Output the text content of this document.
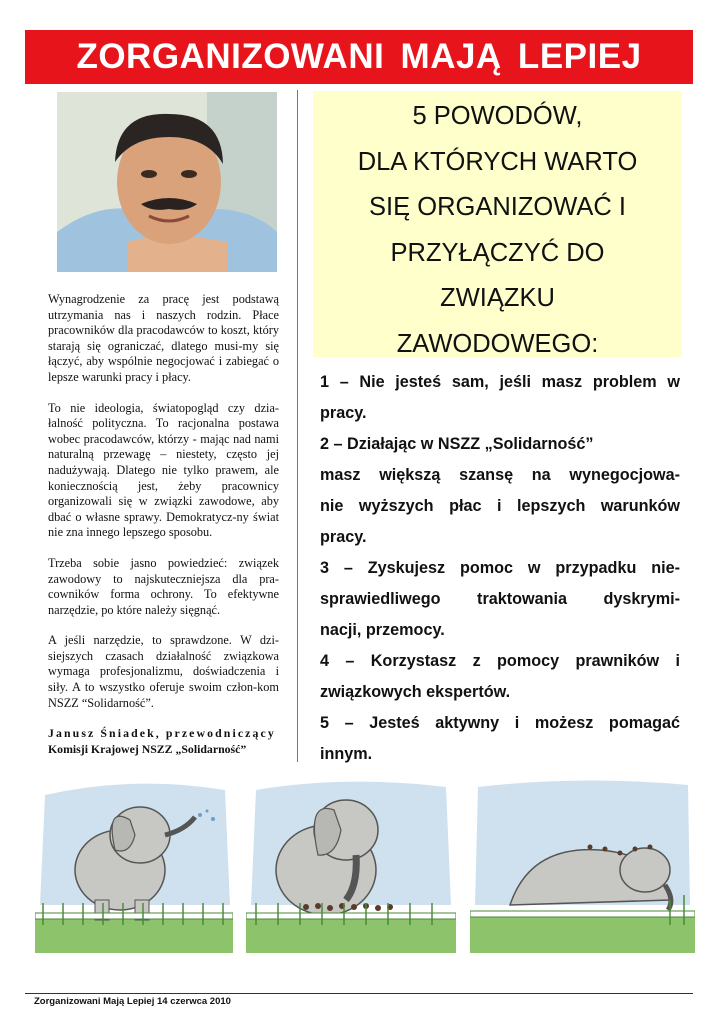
ZORGANIZOWANI MAJĄ LEPIEJ

Wynagrodzenie za pracę jest podstawą utrzymania nas i naszych rodzin. Płace pracowników dla pracodawców to koszt, który starają się ograniczać, dlatego musi-my się łączyć, aby wspólnie negocjować i zabiegać o lepsze warunki pracy i płacy.

To nie ideologia, światopogląd czy dzia-łalność polityczna. To racjonalna postawa wobec pracodawców, którzy - mając nad nami naturalną przewagę – niestety, często jej nadużywają. Dlatego nie tylko prawem, ale koniecznością jest, żeby pracownicy organizowali się w związki zawodowe, aby dbać o własne sprawy. Demokratycz-ny świat nie zna innego lepszego sposobu.

Trzeba sobie jasno powiedzieć: związek zawodowy to najskuteczniejsza dla pra-cowników forma ochrony. To efektywne narzędzie, po które należy sięgnąć.

A jeśli narzędzie, to sprawdzone. W dzi-siejszych czasach działalność związkowa wymaga profesjonalizmu, doświadczenia i siły. A to wszystko oferuje swoim człon-kom NSZZ “Solidarność”.

Janusz Śniadek, przewodniczący
Komisji Krajowej NSZZ „Solidarność”
5 POWODÓW,
DLA KTÓRYCH WARTO
SIĘ ORGANIZOWAĆ I
PRZYŁĄCZYĆ DO
ZWIĄZKU
ZAWODOWEGO:

1 – Nie jesteś sam, jeśli masz problem w

pracy.

2 – Działając w NSZZ „Solidarność”

masz większą szansę na wynegocjowa-

nie wyższych płac i lepszych warunków

pracy.

3 – Zyskujesz pomoc w przypadku nie-

sprawiedliwego traktowania dyskrymi-

nacji, przemocy.

4 – Korzystasz z pomocy prawników i

związkowych ekspertów.

5 – Jesteś aktywny i możesz pomagać

innym.

Zorganizowani Mają Lepiej 14 czerwca 2010
